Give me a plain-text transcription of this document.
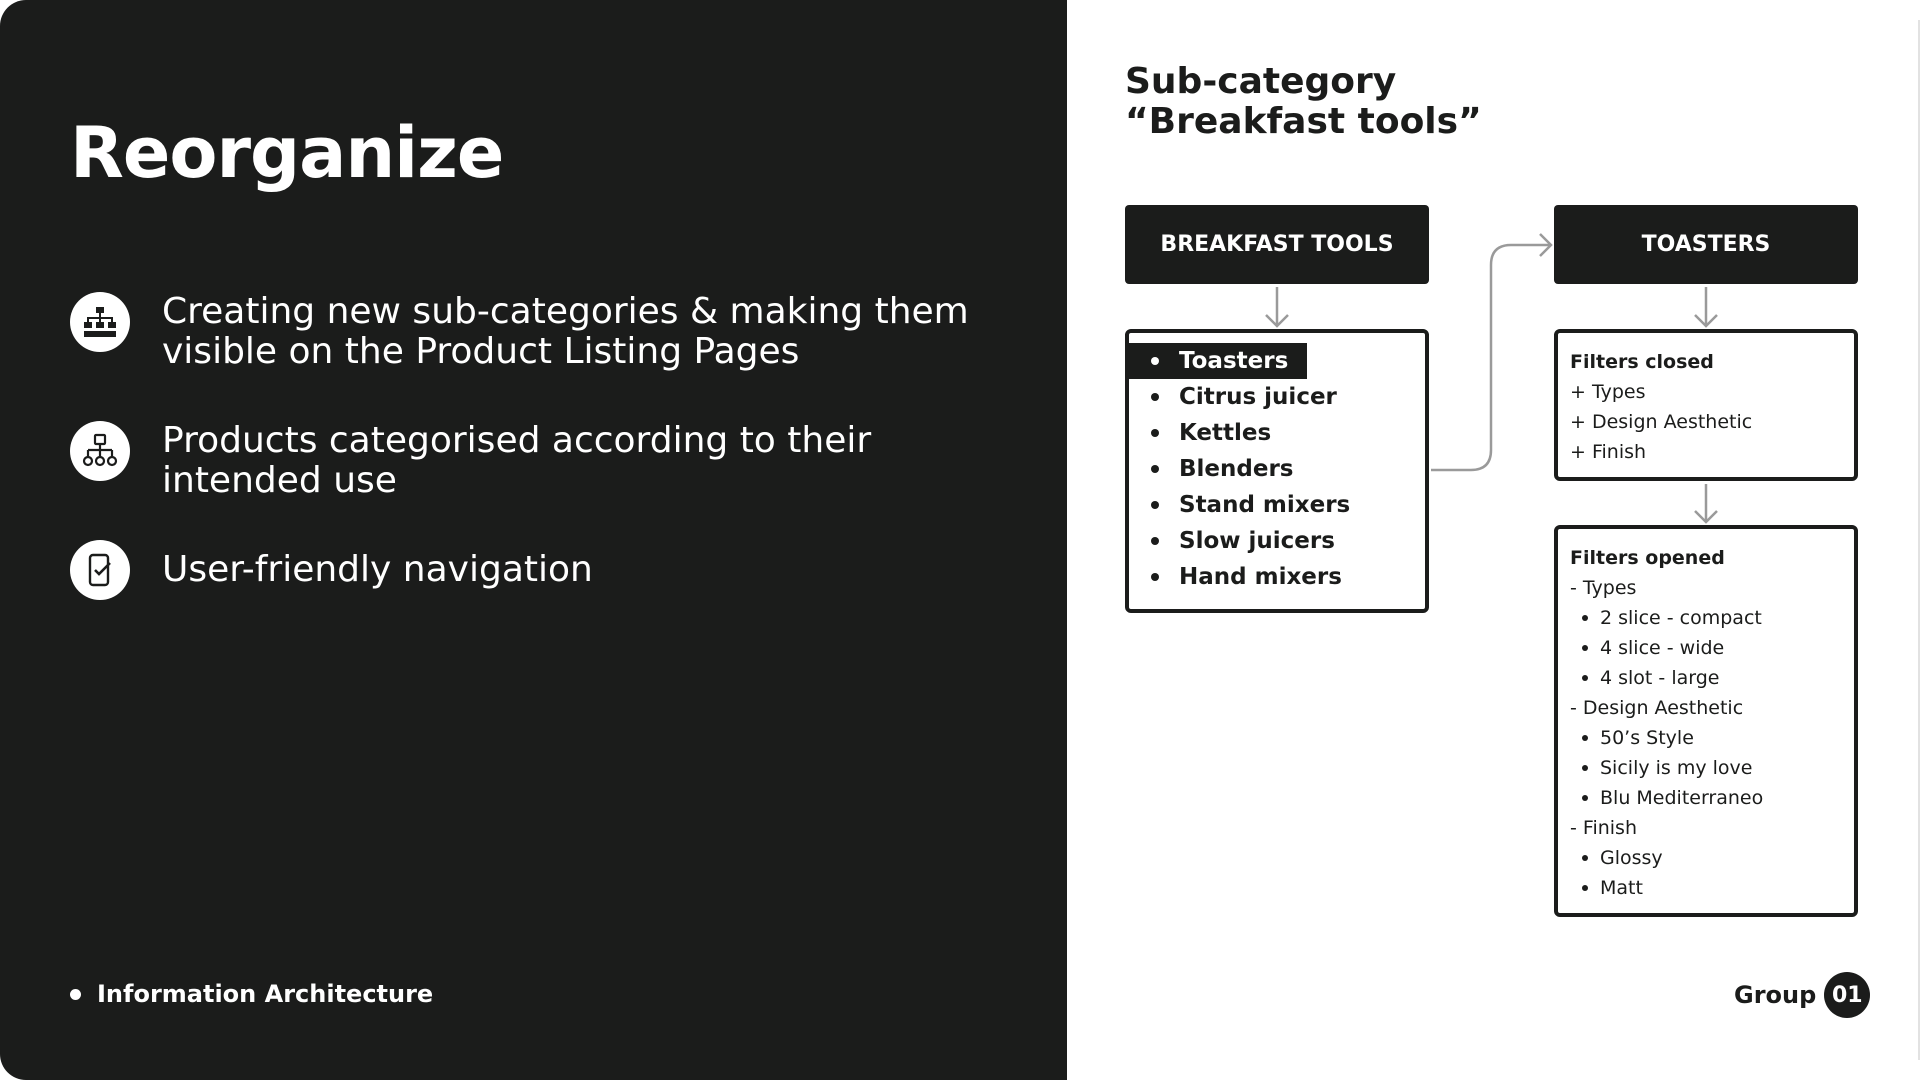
Reorganize
Creating new sub-categories & making them visible on the Product Listing Pages
Products categorised according to their intended use
User-friendly navigation
Information Architecture
Sub-category
“Breakfast tools”
BREAKFAST TOOLS	TOASTERS
Toasters
Citrus juicer
Kettles
Blenders
Stand mixers
Slow juicers
Hand mixers
Filters closed
+ Types
+ Design Aesthetic
+ Finish
Filters opened
- Types
2 slice - compact
4 slice - wide
4 slot - large
- Design Aesthetic
50’s Style
Sicily is my love
Blu Mediterraneo
- Finish
Glossy
Matt
Group 01
